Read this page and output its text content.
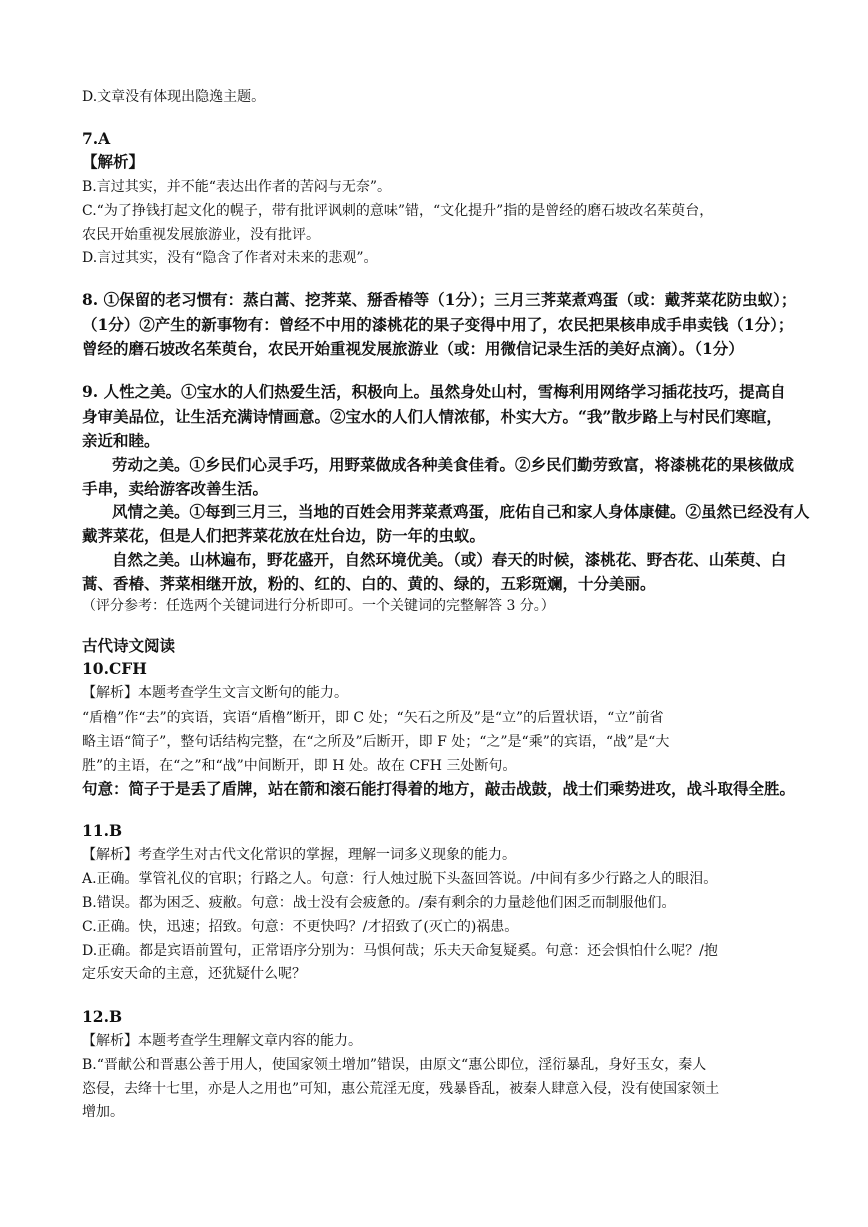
D.文章没有体现出隐逸主题。
7.A
【解析】
B.言过其实，并不能“表达出作者的苦闷与无奈”。
C.“为了挣钱打起文化的幌子，带有批评讽刺的意味”错，“文化提升”指的是曾经的磨石坡改名茱萸台，
农民开始重视发展旅游业，没有批评。
D.言过其实，没有“隐含了作者对未来的悲观”。
8. ①保留的老习惯有：蒸白蒿、挖荠菜、掰香椿等（1分）；三月三荠菜煮鸡蛋（或：戴荠菜花防虫蚁）；
（1分）②产生的新事物有：曾经不中用的漆桃花的果子变得中用了，农民把果核串成手串卖钱（1分）；
曾经的磨石坡改名茱萸台，农民开始重视发展旅游业（或：用微信记录生活的美好点滴）。（1分）
9. 人性之美。①宝水的人们热爱生活，积极向上。虽然身处山村，雪梅利用网络学习插花技巧，提高自
身审美品位，让生活充满诗情画意。②宝水的人们人情浓郁，朴实大方。“我”散步路上与村民们寒暄，
亲近和睦。
劳动之美。①乡民们心灵手巧，用野菜做成各种美食佳肴。②乡民们勤劳致富，将漆桃花的果核做成
手串，卖给游客改善生活。
风情之美。①每到三月三，当地的百姓会用荠菜煮鸡蛋，庇佑自己和家人身体康健。②虽然已经没有人
戴荠菜花，但是人们把荠菜花放在灶台边，防一年的虫蚁。
自然之美。山林遍布，野花盛开，自然环境优美。（或）春天的时候，漆桃花、野杏花、山茱萸、白
蒿、香椿、荠菜相继开放，粉的、红的、白的、黄的、绿的，五彩斑斓，十分美丽。
（评分参考：任选两个关键词进行分析即可。一个关键词的完整解答 3 分。）
古代诗文阅读
10.CFH
【解析】本题考查学生文言文断句的能力。
“盾橹”作“去”的宾语，宾语“盾橹”断开，即 C 处；“矢石之所及”是“立”的后置状语，“立”前省
略主语“简子”，整句话结构完整，在“之所及”后断开，即 F 处；“之”是“乘”的宾语，“战”是“大
胜”的主语，在“之”和“战”中间断开，即 H 处。故在 CFH 三处断句。
句意：简子于是丢了盾牌，站在箭和滚石能打得着的地方，敲击战鼓，战士们乘势进攻，战斗取得全胜。
11.B
【解析】考查学生对古代文化常识的掌握，理解一词多义现象的能力。
A.正确。掌管礼仪的官职；行路之人。句意：行人烛过脱下头盔回答说。/中间有多少行路之人的眼泪。
B.错误。都为困乏、疲敝。句意：战士没有会疲惫的。/秦有剩余的力量趁他们困乏而制服他们。
C.正确。快，迅速；招致。句意：不更快吗？/才招致了(灭亡的)祸患。
D.正确。都是宾语前置句，正常语序分别为：马惧何哉；乐夫天命复疑奚。句意：还会惧怕什么呢？/抱
定乐安天命的主意，还犹疑什么呢？
12.B
【解析】本题考查学生理解文章内容的能力。
B.“晋献公和晋惠公善于用人，使国家领土增加”错误，由原文“惠公即位，淫衍暴乱，身好玉女，秦人
恣侵，去绛十七里，亦是人之用也”可知，惠公荒淫无度，残暴昏乱，被秦人肆意入侵，没有使国家领土
增加。
